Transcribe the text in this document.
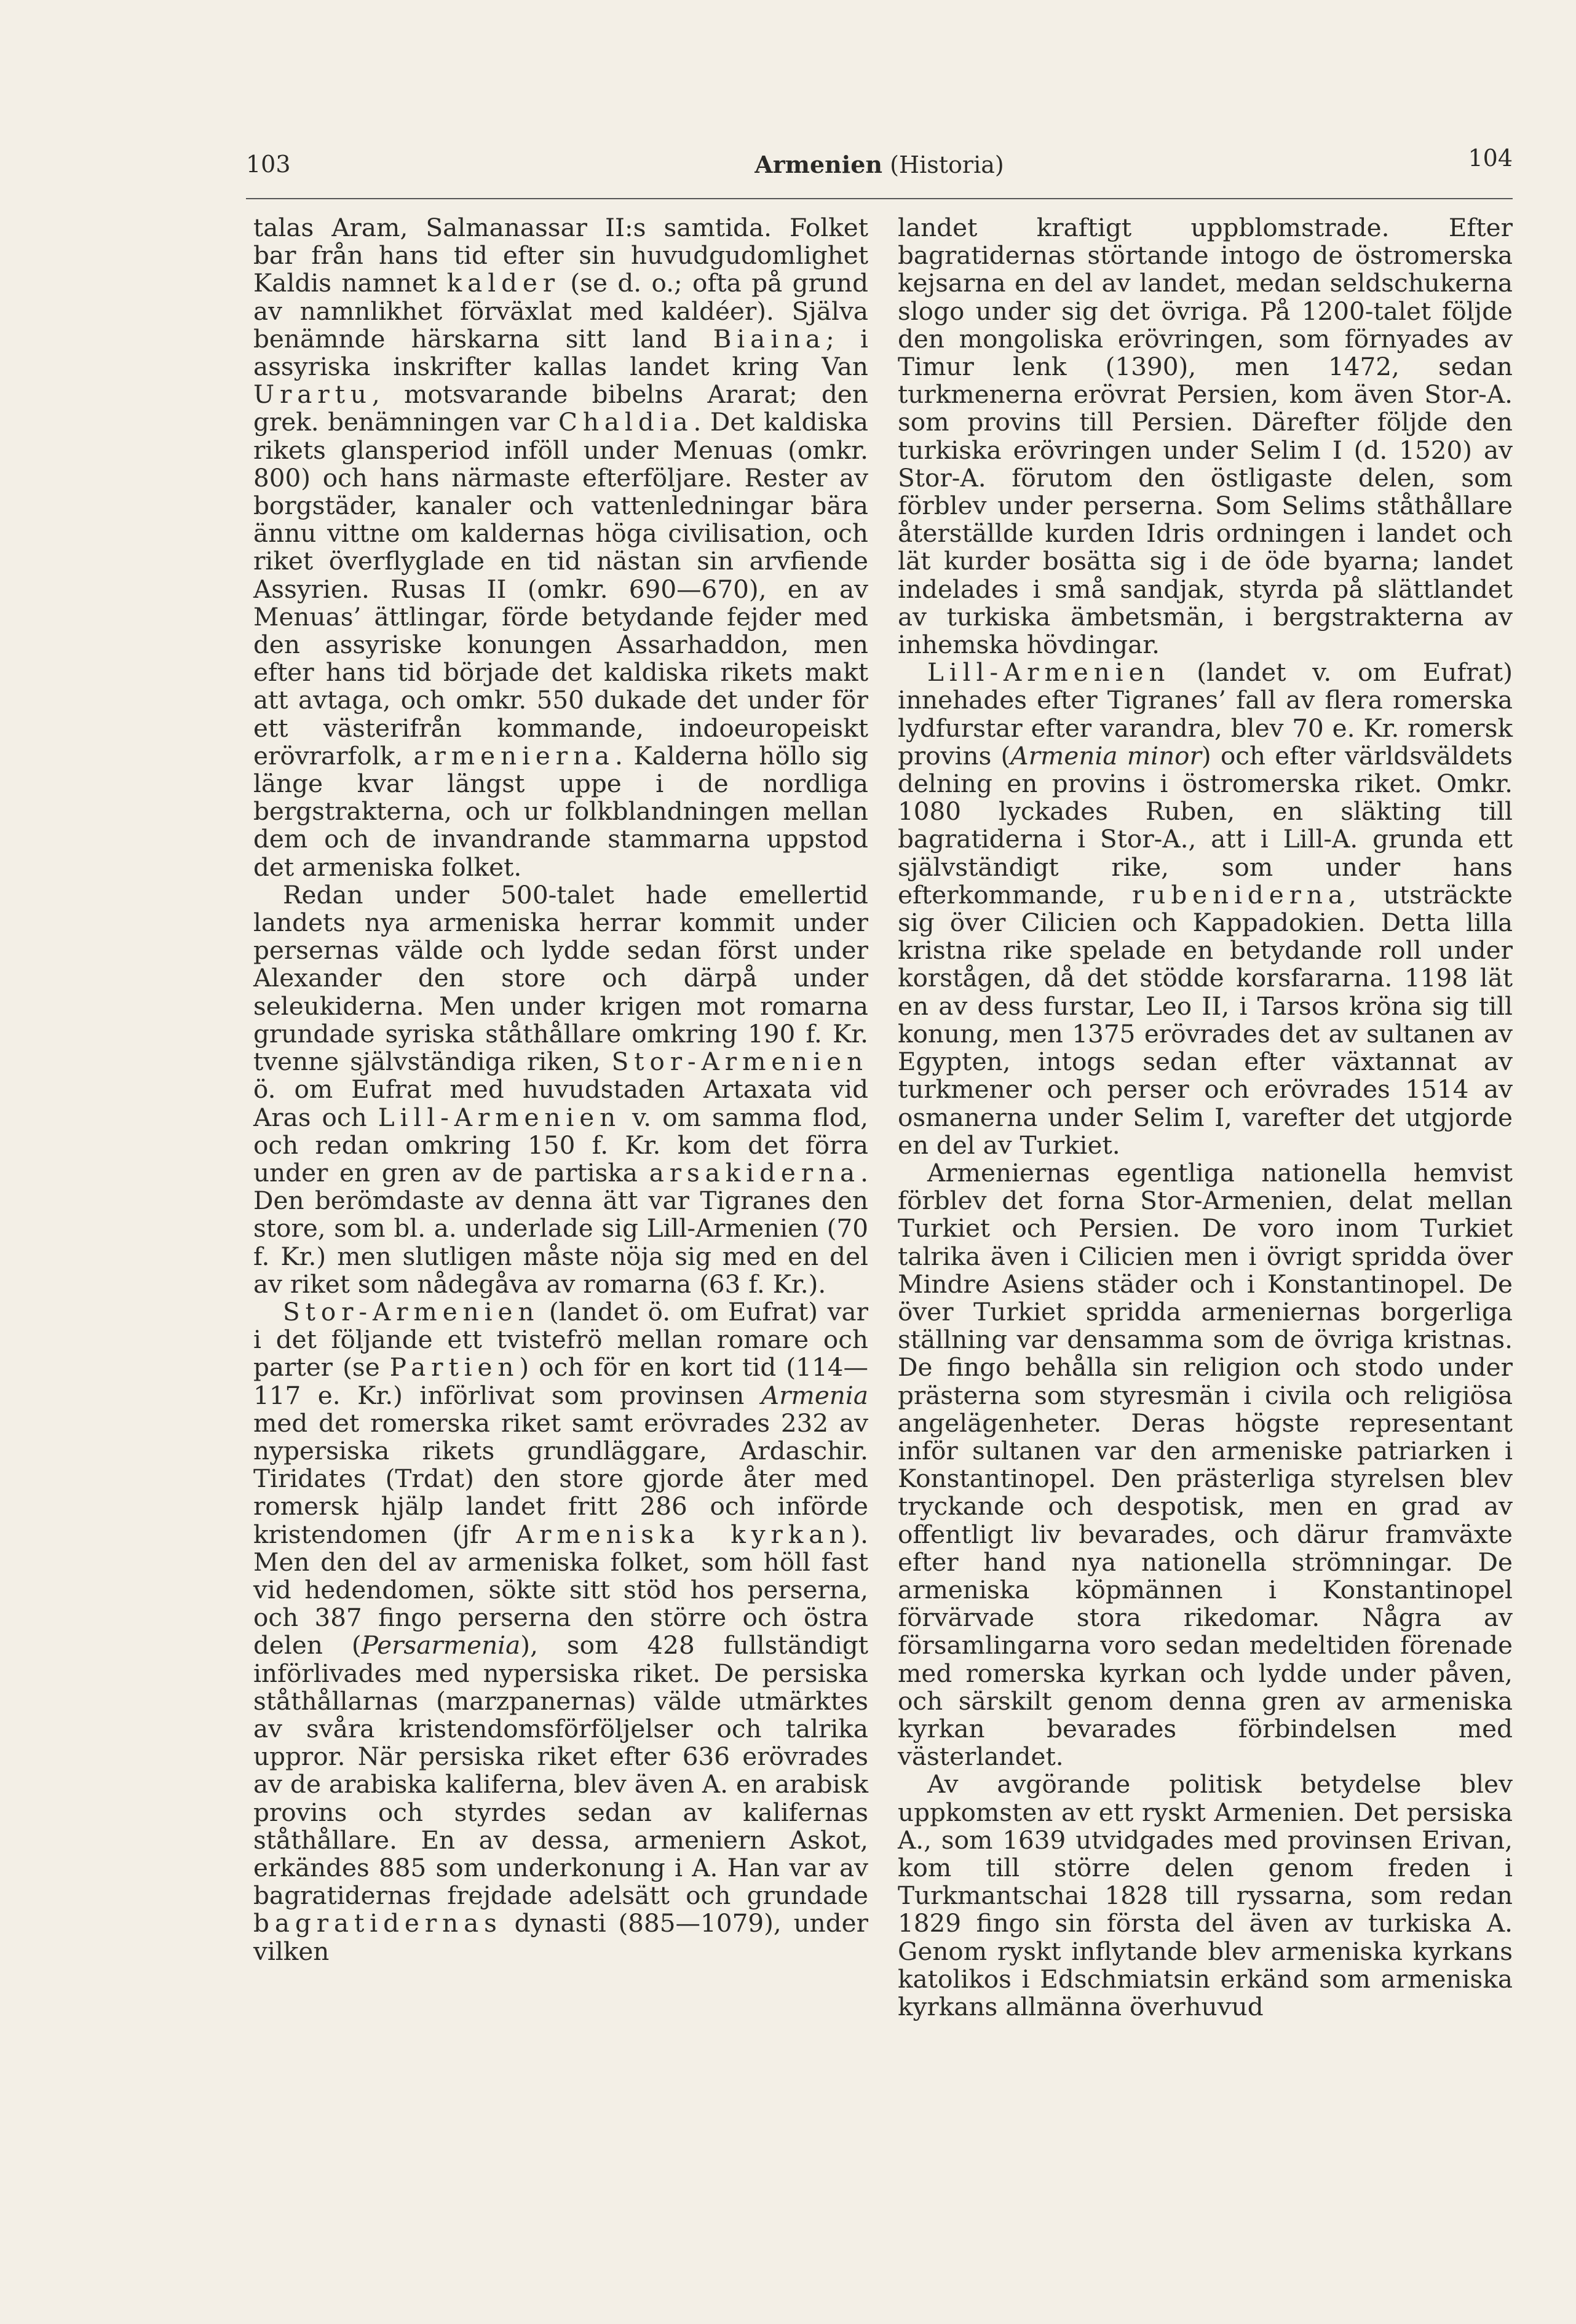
103	Armenien (Historia)	104

talas Aram, Salmanassar II:s samtida. Folket bar från hans tid efter sin huvudgudomlighet Kaldis namnet kalder (se d. o.; ofta på grund av namnlikhet förväxlat med kaldéer). Själva benämnde härskarna sitt land Biaina; i assyriska inskrifter kallas landet kring Van Urartu, motsvarande bibelns Ararat; den grek. benämningen var Chaldia. Det kaldiska rikets glansperiod inföll under Menuas (omkr. 800) och hans närmaste efterföljare. Rester av borgstäder, kanaler och vattenledningar bära ännu vittne om kaldernas höga civilisation, och riket överflyglade en tid nästan sin arvfiende Assyrien. Rusas II (omkr. 690—670), en av Menuas’ ättlingar, förde betydande fejder med den assyriske konungen Assarhaddon, men efter hans tid började det kaldiska rikets makt att avtaga, och omkr. 550 dukade det under för ett västerifrån kommande, indoeuropeiskt erövrarfolk, armenierna. Kalderna höllo sig länge kvar längst uppe i de nordliga bergstrakterna, och ur folkblandningen mellan dem och de invandrande stammarna uppstod det armeniska folket.

Redan under 500-talet hade emellertid landets nya armeniska herrar kommit under persernas välde och lydde sedan först under Alexander den store och därpå under seleukiderna. Men under krigen mot romarna grundade syriska ståthållare omkring 190 f. Kr. tvenne självständiga riken, Stor-Armenien ö. om Eufrat med huvudstaden Artaxata vid Aras och Lill-Armenien v. om samma flod, och redan omkring 150 f. Kr. kom det förra under en gren av de partiska arsakiderna. Den berömdaste av denna ätt var Tigranes den store, som bl. a. underlade sig Lill-Armenien (70 f. Kr.) men slutligen måste nöja sig med en del av riket som nådegåva av romarna (63 f. Kr.).

Stor-Armenien (landet ö. om Eufrat) var i det följande ett tvistefrö mellan romare och parter (se Partien) och för en kort tid (114—117 e. Kr.) införlivat som provinsen Armenia med det romerska riket samt erövrades 232 av nypersiska rikets grundläggare, Ardaschir. Tiridates (Trdat) den store gjorde åter med romersk hjälp landet fritt 286 och införde kristendomen (jfr Armeniska kyrkan). Men den del av armeniska folket, som höll fast vid hedendomen, sökte sitt stöd hos perserna, och 387 fingo perserna den större och östra delen (Persarmenia), som 428 fullständigt införlivades med nypersiska riket. De persiska ståthållarnas (marzpanernas) välde utmärktes av svåra kristendomsförföljelser och talrika uppror. När persiska riket efter 636 erövrades av de arabiska kaliferna, blev även A. en arabisk provins och styrdes sedan av kalifernas ståthållare. En av dessa, armeniern Askot, erkändes 885 som underkonung i A. Han var av bagratidernas frejdade adelsätt och grundade bagratidernas dynasti (885—1079), under vilken

landet kraftigt uppblomstrade. Efter bagratidernas störtande intogo de östromerska kejsarna en del av landet, medan seldschukerna slogo under sig det övriga. På 1200-talet följde den mongoliska erövringen, som förnyades av Timur lenk (1390), men 1472, sedan turkmenerna erövrat Persien, kom även Stor-A. som provins till Persien. Därefter följde den turkiska erövringen under Selim I (d. 1520) av Stor-A. förutom den östligaste delen, som förblev under perserna. Som Selims ståthållare återställde kurden Idris ordningen i landet och lät kurder bosätta sig i de öde byarna; landet indelades i små sandjak, styrda på slättlandet av turkiska ämbetsmän, i bergstrakterna av inhemska hövdingar.

Lill-Armenien (landet v. om Eufrat) innehades efter Tigranes’ fall av flera romerska lydfurstar efter varandra, blev 70 e. Kr. romersk provins (Armenia minor) och efter världsväldets delning en provins i östromerska riket. Omkr. 1080 lyckades Ruben, en släkting till bagratiderna i Stor-A., att i Lill-A. grunda ett självständigt rike, som under hans efterkommande, rubeniderna, utsträckte sig över Cilicien och Kappadokien. Detta lilla kristna rike spelade en betydande roll under korstågen, då det stödde korsfararna. 1198 lät en av dess furstar, Leo II, i Tarsos kröna sig till konung, men 1375 erövrades det av sultanen av Egypten, intogs sedan efter växtannat av turkmener och perser och erövrades 1514 av osmanerna under Selim I, varefter det utgjorde en del av Turkiet.

Armeniernas egentliga nationella hemvist förblev det forna Stor-Armenien, delat mellan Turkiet och Persien. De voro inom Turkiet talrika även i Cilicien men i övrigt spridda över Mindre Asiens städer och i Konstantinopel. De över Turkiet spridda armeniernas borgerliga ställning var densamma som de övriga kristnas. De fingo behålla sin religion och stodo under prästerna som styresmän i civila och religiösa angelägenheter. Deras högste representant inför sultanen var den armeniske patriarken i Konstantinopel. Den prästerliga styrelsen blev tryckande och despotisk, men en grad av offentligt liv bevarades, och därur framväxte efter hand nya nationella strömningar. De armeniska köpmännen i Konstantinopel förvärvade stora rikedomar. Några av församlingarna voro sedan medeltiden förenade med romerska kyrkan och lydde under påven, och särskilt genom denna gren av armeniska kyrkan bevarades förbindelsen med västerlandet.

Av avgörande politisk betydelse blev uppkomsten av ett ryskt Armenien. Det persiska A., som 1639 utvidgades med provinsen Erivan, kom till större delen genom freden i Turkmantschai 1828 till ryssarna, som redan 1829 fingo sin första del även av turkiska A. Genom ryskt inflytande blev armeniska kyrkans katolikos i Edschmiatsin erkänd som armeniska kyrkans allmänna överhuvud
